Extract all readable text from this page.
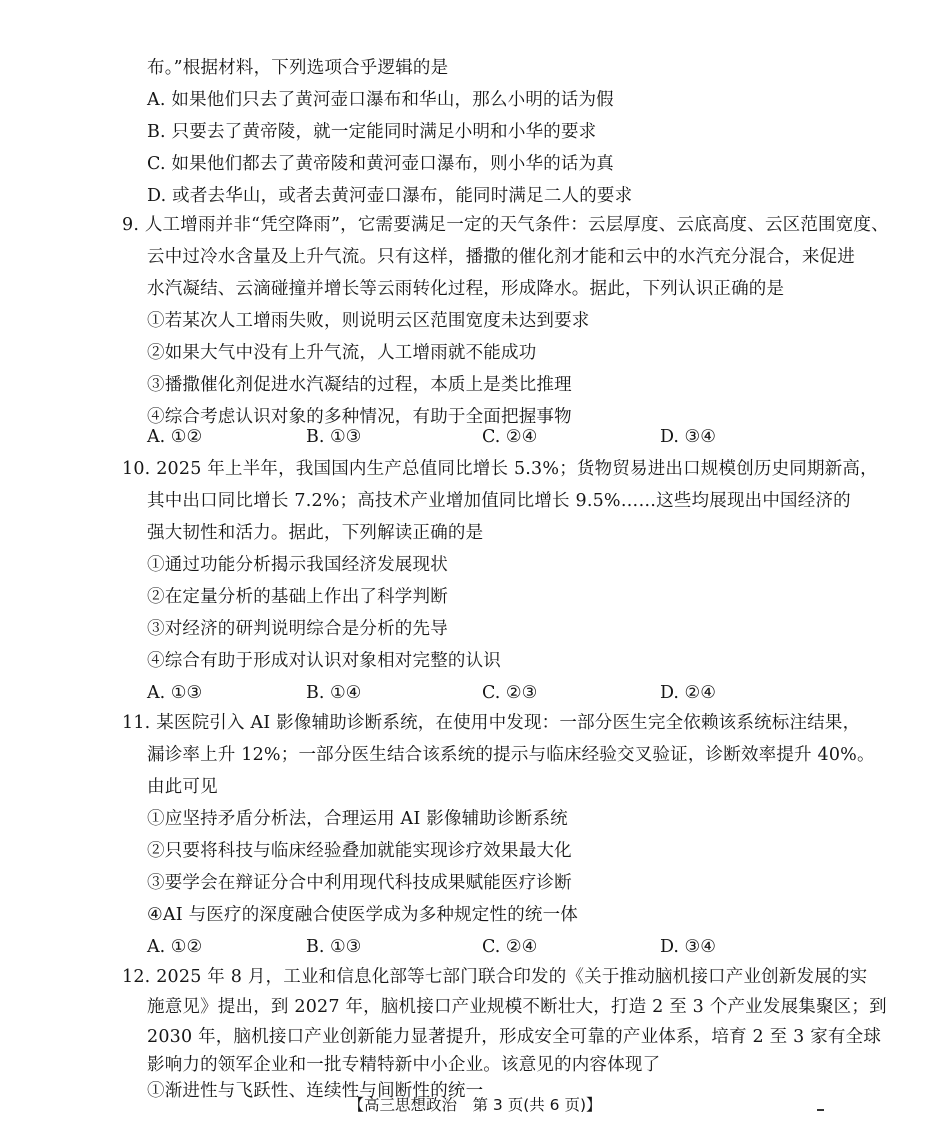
布。”根据材料，下列选项合乎逻辑的是
A. 如果他们只去了黄河壶口瀑布和华山，那么小明的话为假
B. 只要去了黄帝陵，就一定能同时满足小明和小华的要求
C. 如果他们都去了黄帝陵和黄河壶口瀑布，则小华的话为真
D. 或者去华山，或者去黄河壶口瀑布，能同时满足二人的要求
9. 人工增雨并非“凭空降雨”，它需要满足一定的天气条件：云层厚度、云底高度、云区范围宽度、
云中过冷水含量及上升气流。只有这样，播撒的催化剂才能和云中的水汽充分混合，来促进
水汽凝结、云滴碰撞并增长等云雨转化过程，形成降水。据此，下列认识正确的是
①若某次人工增雨失败，则说明云区范围宽度未达到要求
②如果大气中没有上升气流，人工增雨就不能成功
③播撒催化剂促进水汽凝结的过程，本质上是类比推理
④综合考虑认识对象的多种情况，有助于全面把握事物
A. ①②	B. ①③	C. ②④	D. ③④
10. 2025 年上半年，我国国内生产总值同比增长 5.3%；货物贸易进出口规模创历史同期新高，
其中出口同比增长 7.2%；高技术产业增加值同比增长 9.5%……这些均展现出中国经济的
强大韧性和活力。据此，下列解读正确的是
①通过功能分析揭示我国经济发展现状
②在定量分析的基础上作出了科学判断
③对经济的研判说明综合是分析的先导
④综合有助于形成对认识对象相对完整的认识
A. ①③	B. ①④	C. ②③	D. ②④
11. 某医院引入 AI 影像辅助诊断系统，在使用中发现：一部分医生完全依赖该系统标注结果，
漏诊率上升 12%；一部分医生结合该系统的提示与临床经验交叉验证，诊断效率提升 40%。
由此可见
①应坚持矛盾分析法，合理运用 AI 影像辅助诊断系统
②只要将科技与临床经验叠加就能实现诊疗效果最大化
③要学会在辩证分合中利用现代科技成果赋能医疗诊断
④AI 与医疗的深度融合使医学成为多种规定性的统一体
A. ①②	B. ①③	C. ②④	D. ③④
12. 2025 年 8 月，工业和信息化部等七部门联合印发的《关于推动脑机接口产业创新发展的实
施意见》提出，到 2027 年，脑机接口产业规模不断壮大，打造 2 至 3 个产业发展集聚区；到
2030 年，脑机接口产业创新能力显著提升，形成安全可靠的产业体系，培育 2 至 3 家有全球
影响力的领军企业和一批专精特新中小企业。该意见的内容体现了
①渐进性与飞跃性、连续性与间断性的统一
【高三思想政治　第 3 页(共 6 页)】
